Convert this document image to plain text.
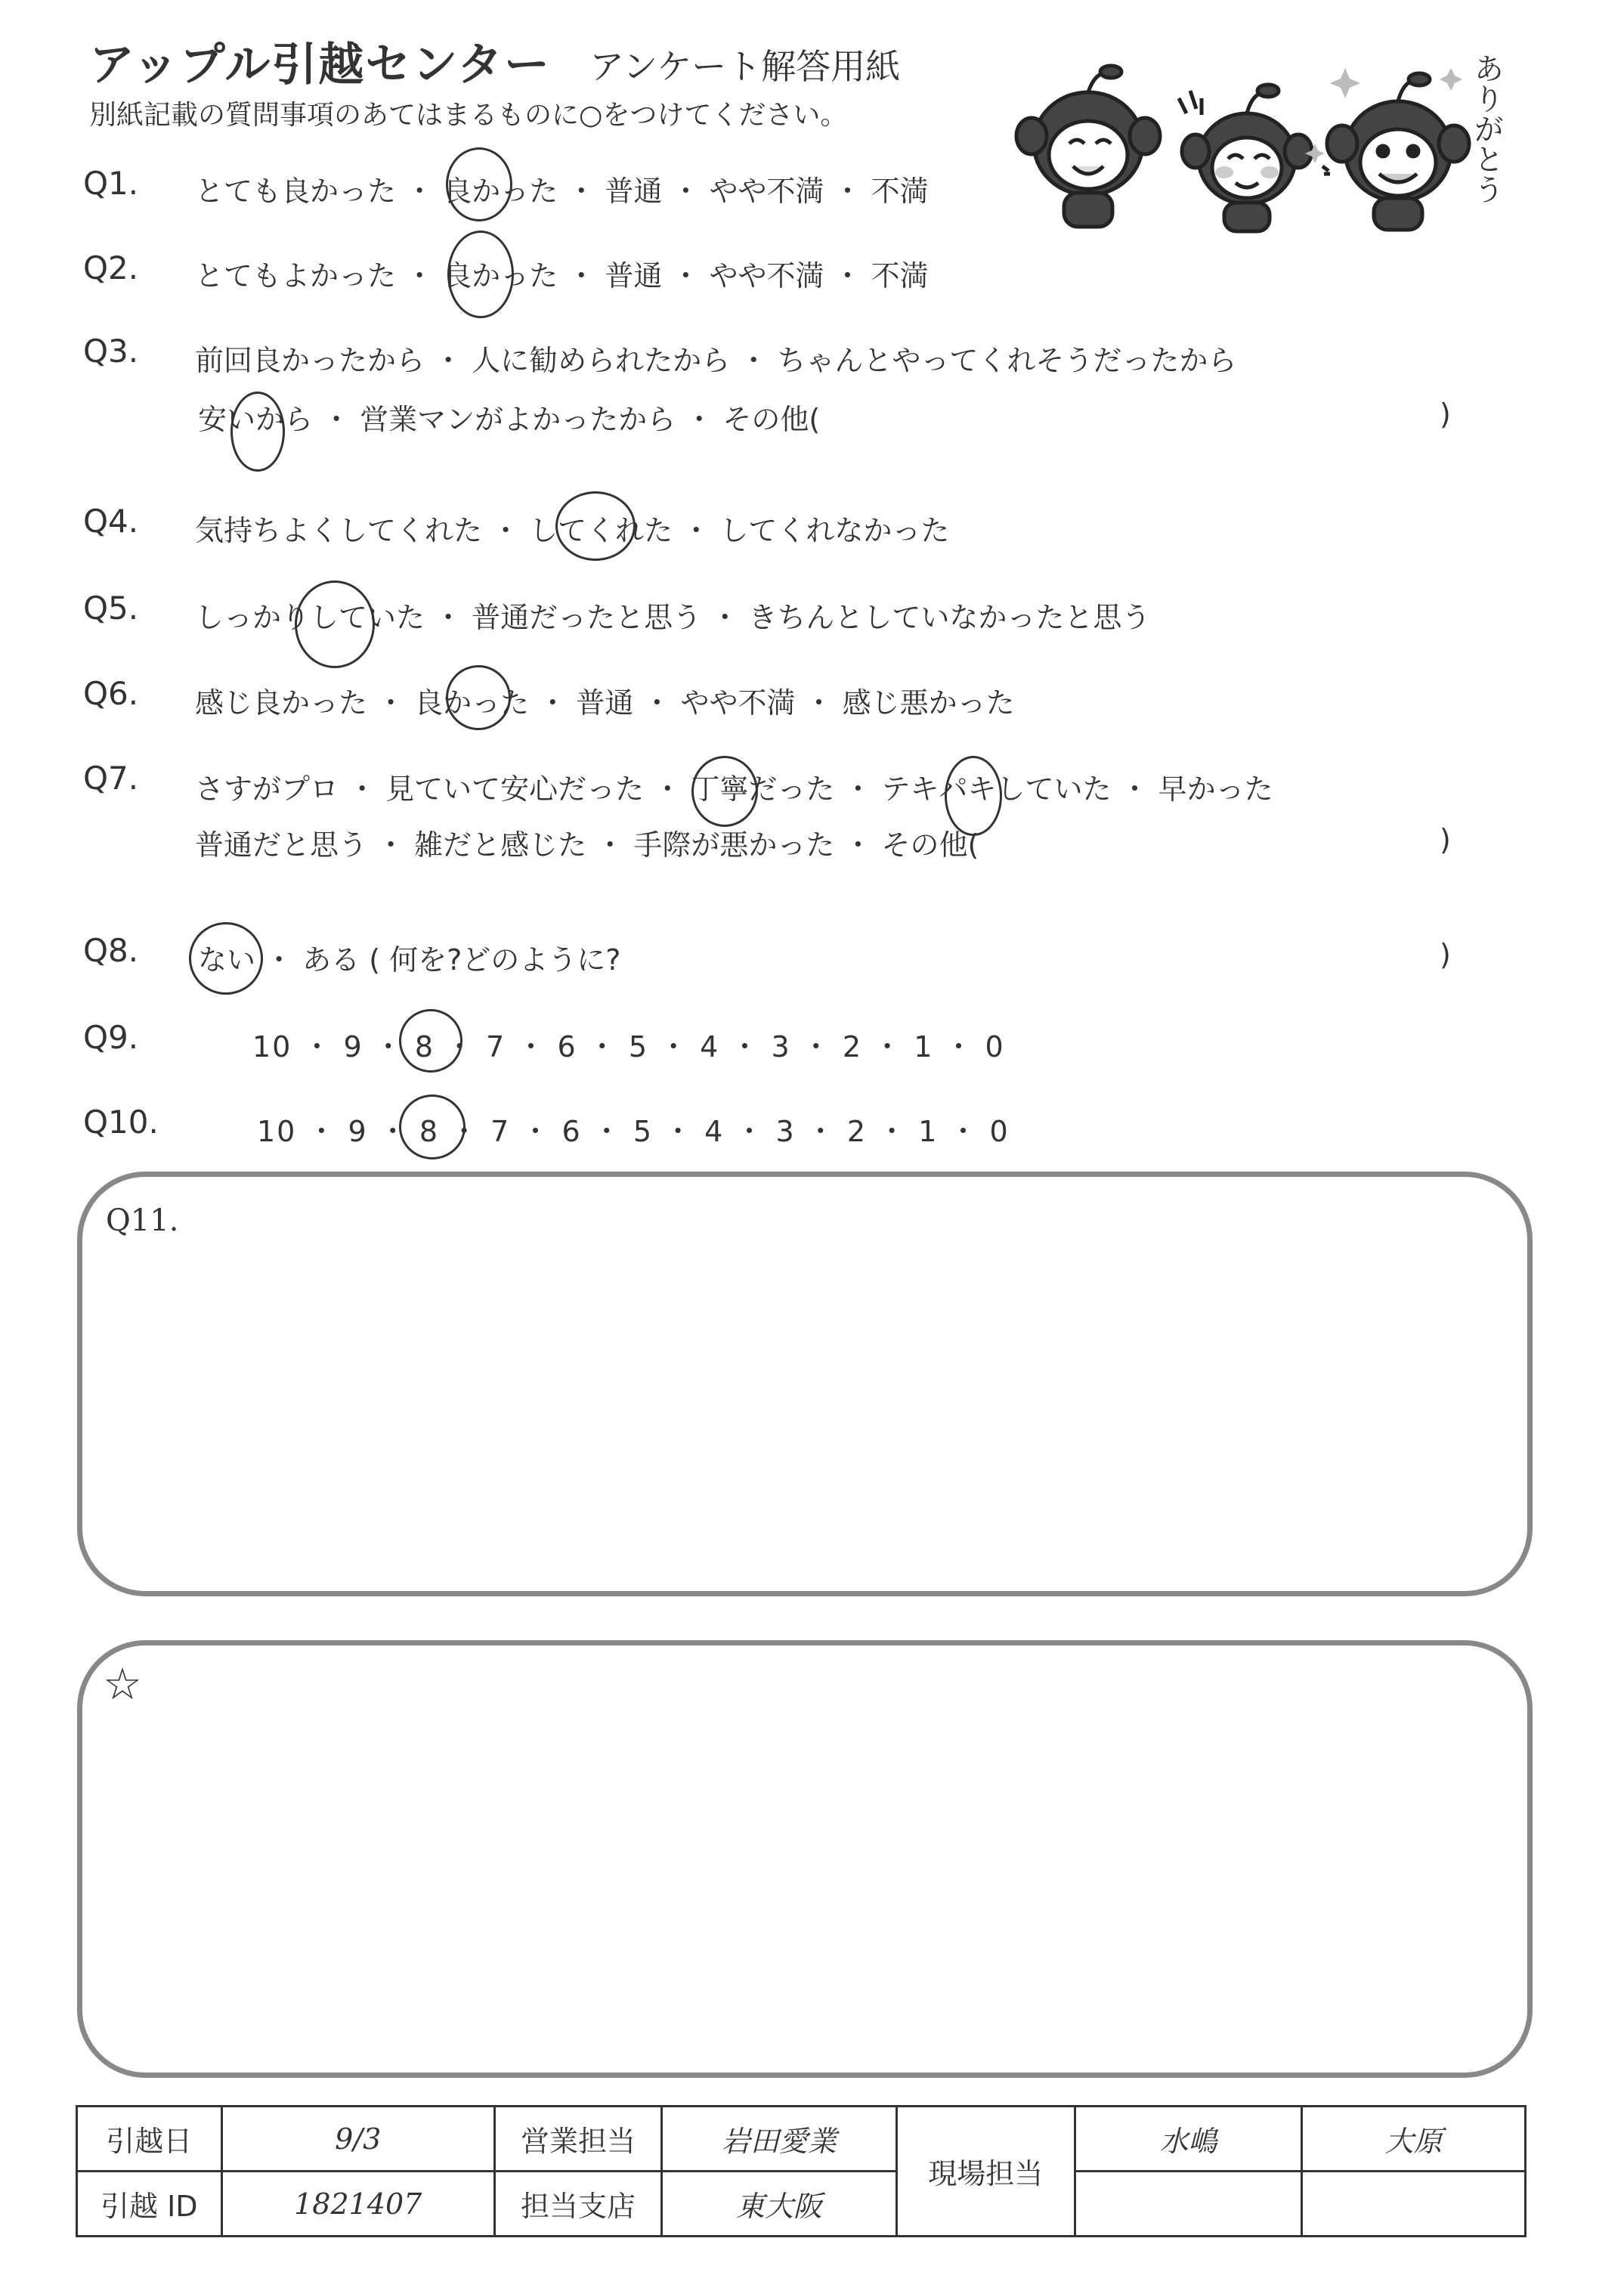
アップル引越センター アンケート解答用紙
別紙記載の質問事項のあてはまるものに○をつけてください。	ありがとう
Q1. とても良かった ・ 良かった ・ 普通 ・ やや不満 ・ 不満
Q2. とてもよかった ・ 良かった ・ 普通 ・ やや不満 ・ 不満
Q3. 前回良かったから ・ 人に勧められたから ・ ちゃんとやってくれそうだったから
安いから ・ 営業マンがよかったから ・ その他(	)
Q4. 気持ちよくしてくれた ・ してくれた ・ してくれなかった
Q5. しっかりしていた ・ 普通だったと思う ・ きちんとしていなかったと思う
Q6. 感じ良かった ・ 良かった ・ 普通 ・ やや不満 ・ 感じ悪かった
Q7. さすがプロ ・ 見ていて安心だった ・ 丁寧だった ・ テキパキしていた ・ 早かった
普通だと思う ・ 雑だと感じた ・ 手際が悪かった ・ その他(	)
Q8. ない ・ ある ( 何を?どのように?	)
Q9.	10 ・ 9 ・ 8 ・ 7 ・ 6 ・ 5 ・ 4 ・ 3 ・ 2 ・ 1 ・ 0
Q10.	10 ・ 9 ・ 8 ・ 7 ・ 6 ・ 5 ・ 4 ・ 3 ・ 2 ・ 1 ・ 0
Q11.
☆
引越日	9/3	営業担当	岩田愛業	現場担当	水嶋	大原
引越 ID	1821407	担当支店	東大阪			
